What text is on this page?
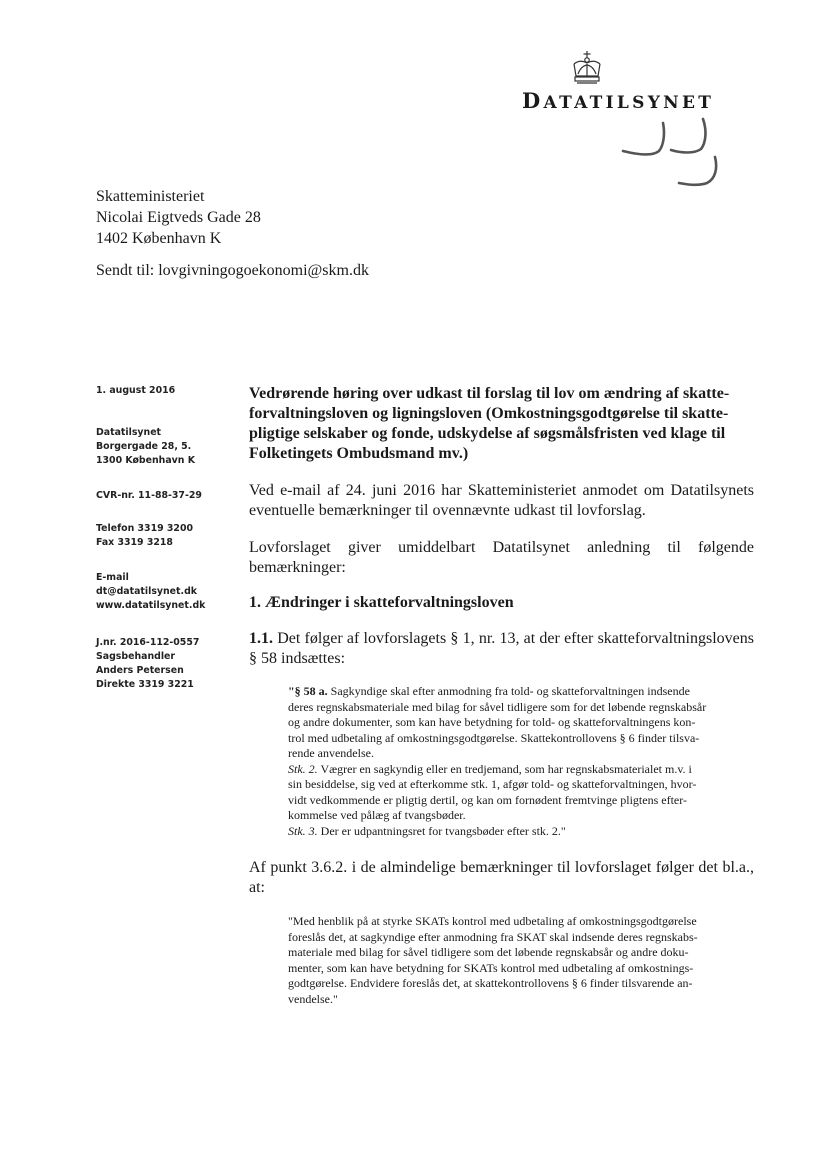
DATATILSYNET
Skatteministeriet
Nicolai Eigtveds Gade 28
1402 København K
Sendt til: lovgivningogoekonomi@skm.dk
1. august 2016
Datatilsynet
Borgergade 28, 5.
1300 København K
CVR-nr. 11-88-37-29
Telefon 3319 3200
Fax 3319 3218
E-mail
dt@datatilsynet.dk
www.datatilsynet.dk
J.nr. 2016-112-0557
Sagsbehandler
Anders Petersen
Direkte 3319 3221
Vedrørende høring over udkast til forslag til lov om ændring af skatte-
forvaltningsloven og ligningsloven (Omkostningsgodtgørelse til skatte-
pligtige selskaber og fonde, udskydelse af søgsmålsfristen ved klage til
Folketingets Ombudsmand mv.)
Ved e-mail af 24. juni 2016 har Skatteministeriet anmodet om Datatilsynets eventuelle bemærkninger til ovennævnte udkast til lovforslag.
Lovforslaget giver umiddelbart Datatilsynet anledning til følgende bemærkninger:
1. Ændringer i skatteforvaltningsloven
1.1. Det følger af lovforslagets § 1, nr. 13, at der efter skatteforvaltningslovens § 58 indsættes:
"§ 58 a. Sagkyndige skal efter anmodning fra told- og skatteforvaltningen indsende
deres regnskabsmateriale med bilag for såvel tidligere som for det løbende regnskabsår
og andre dokumenter, som kan have betydning for told- og skatteforvaltningens kon-
trol med udbetaling af omkostningsgodtgørelse. Skattekontrollovens § 6 finder tilsva-
rende anvendelse.
Stk. 2. Vægrer en sagkyndig eller en tredjemand, som har regnskabsmaterialet m.v. i
sin besiddelse, sig ved at efterkomme stk. 1, afgør told- og skatteforvaltningen, hvor-
vidt vedkommende er pligtig dertil, og kan om fornødent fremtvinge pligtens efter-
kommelse ved pålæg af tvangsbøder.
Stk. 3. Der er udpantningsret for tvangsbøder efter stk. 2."
Af punkt 3.6.2. i de almindelige bemærkninger til lovforslaget følger det bl.a., at:
"Med henblik på at styrke SKATs kontrol med udbetaling af omkostningsgodtgørelse
foreslås det, at sagkyndige efter anmodning fra SKAT skal indsende deres regnskabs-
materiale med bilag for såvel tidligere som det løbende regnskabsår og andre doku-
menter, som kan have betydning for SKATs kontrol med udbetaling af omkostnings-
godtgørelse. Endvidere foreslås det, at skattekontrollovens § 6 finder tilsvarende an-
vendelse."
